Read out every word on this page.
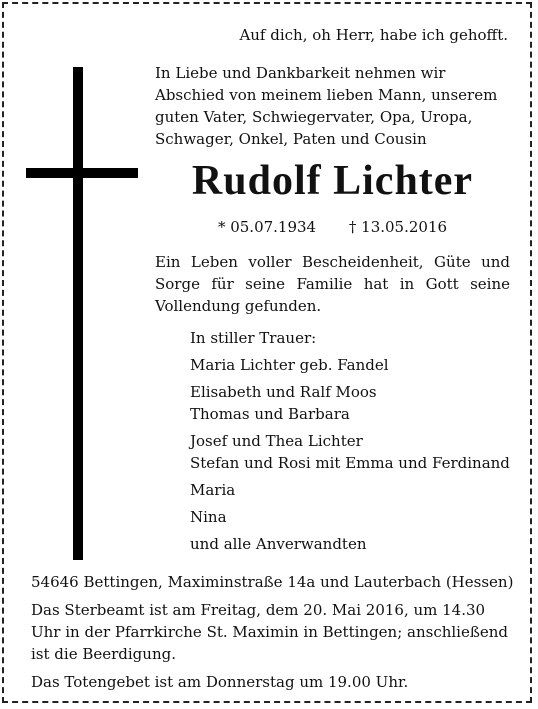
Auf dich, oh Herr, habe ich gehofft.
In Liebe und Dankbarkeit nehmen wir Abschied von meinem lieben Mann, unserem guten Vater, Schwiegervater, Opa, Uropa, Schwager, Onkel, Paten und Cousin
Rudolf Lichter
* 05.07.1934 † 13.05.2016
Ein Leben voller Bescheidenheit, Güte und Sorge für seine Familie hat in Gott seine Vollendung gefunden.
In stiller Trauer:
Maria Lichter geb. Fandel
Elisabeth und Ralf Moos
Thomas und Barbara
Josef und Thea Lichter
Stefan und Rosi mit Emma und Ferdinand
Maria
Nina
und alle Anverwandten
54646 Bettingen, Maximinstraße 14a und Lauterbach (Hessen)
Das Sterbeamt ist am Freitag, dem 20. Mai 2016, um 14.30 Uhr in der Pfarrkirche St. Maximin in Bettingen; anschließend ist die Beerdigung.
Das Totengebet ist am Donnerstag um 19.00 Uhr.
